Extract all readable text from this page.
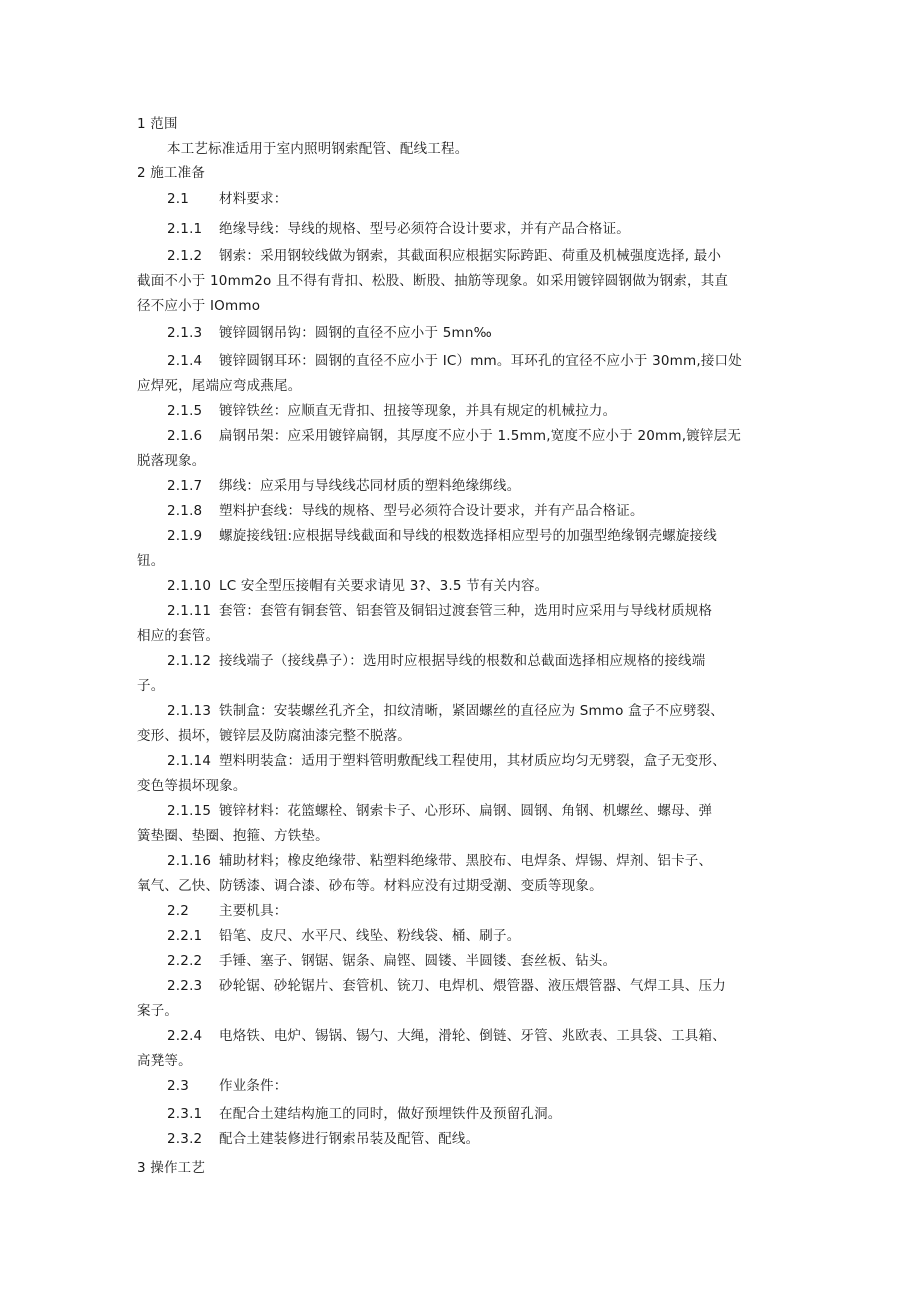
1 范围

本工艺标准适用于室内照明钢索配管、配线工程。

2 施工准备

2.1 材料要求：

2.1.1 绝缘导线：导线的规格、型号必须符合设计要求，并有产品合格证。

2.1.2 钢索：采用钢较线做为钢索，其截面积应根据实际跨距、荷重及机械强度选择, 最小

截面不小于 10mm2o 且不得有背扣、松股、断股、抽筋等现象。如采用镀锌圆钢做为钢索，其直

径不应小于 IOmmo

2.1.3 镀锌圆钢吊钩：圆钢的直径不应小于 5mn‰

2.1.4 镀锌圆钢耳环：圆钢的直径不应小于 IC）mm。耳环孔的宜径不应小于 30mm,接口处

应焊死，尾端应弯成燕尾。

2.1.5 镀锌铁丝：应顺直无背扣、扭接等现象，并具有规定的机械拉力。

2.1.6 扁钢吊架：应采用镀锌扁钢，其厚度不应小于 1.5mm,宽度不应小于 20mm,镀锌层无

脱落现象。

2.1.7 绑线：应采用与导线线芯同材质的塑料绝缘绑线。

2.1.8 塑料护套线：导线的规格、型号必须符合设计要求，并有产品合格证。

2.1.9 螺旋接线钮:应根据导线截面和导线的根数选择相应型号的加强型绝缘钢壳螺旋接线

钮。

2.1.10 LC 安全型压接帽有关要求请见 3?、3.5 节有关内容。

2.1.11 套管：套管有铜套管、铝套管及铜铝过渡套管三种，选用时应采用与导线材质规格

相应的套管。

2.1.12 接线端子（接线鼻子）：选用时应根据导线的根数和总截面选择相应规格的接线端

子。

2.1.13 铁制盒：安装螺丝孔齐全，扣纹清晰，紧固螺丝的直径应为 Smmo 盒子不应劈裂、

变形、损坏，镀锌层及防腐油漆完整不脱落。

2.1.14 塑料明装盒：适用于塑料管明敷配线工程使用，其材质应均匀无劈裂，盒子无变形、

变色等损坏现象。

2.1.15 镀锌材料：花篮螺栓、钢索卡子、心形环、扁钢、圆钢、角钢、机螺丝、螺母、弹

簧垫圈、垫圈、抱箍、方铁垫。

2.1.16 辅助材料；橡皮绝缘带、粘塑料绝缘带、黑胶布、电焊条、焊锡、焊剂、铝卡子、

氧气、乙快、防锈漆、调合漆、砂布等。材料应没有过期受潮、变质等现象。

2.2 主要机具：

2.2.1 铅笔、皮尺、水平尺、线坠、粉线袋、桶、刷子。

2.2.2 手锤、塞子、钢锯、锯条、扁铿、圆镂、半圆镂、套丝板、钻头。

2.2.3 砂轮锯、砂轮锯片、套管机、铳刀、电焊机、煨管器、液压煨管器、气焊工具、压力

案子。

2.2.4 电烙铁、电炉、锡锅、锡勺、大绳，滑轮、倒链、牙管、兆欧表、工具袋、工具箱、

高凳等。

2.3 作业条件：

2.3.1 在配合土建结构施工的同时，做好预埋铁件及预留孔洞。

2.3.2 配合土建装修进行钢索吊装及配管、配线。

3 操作工艺
